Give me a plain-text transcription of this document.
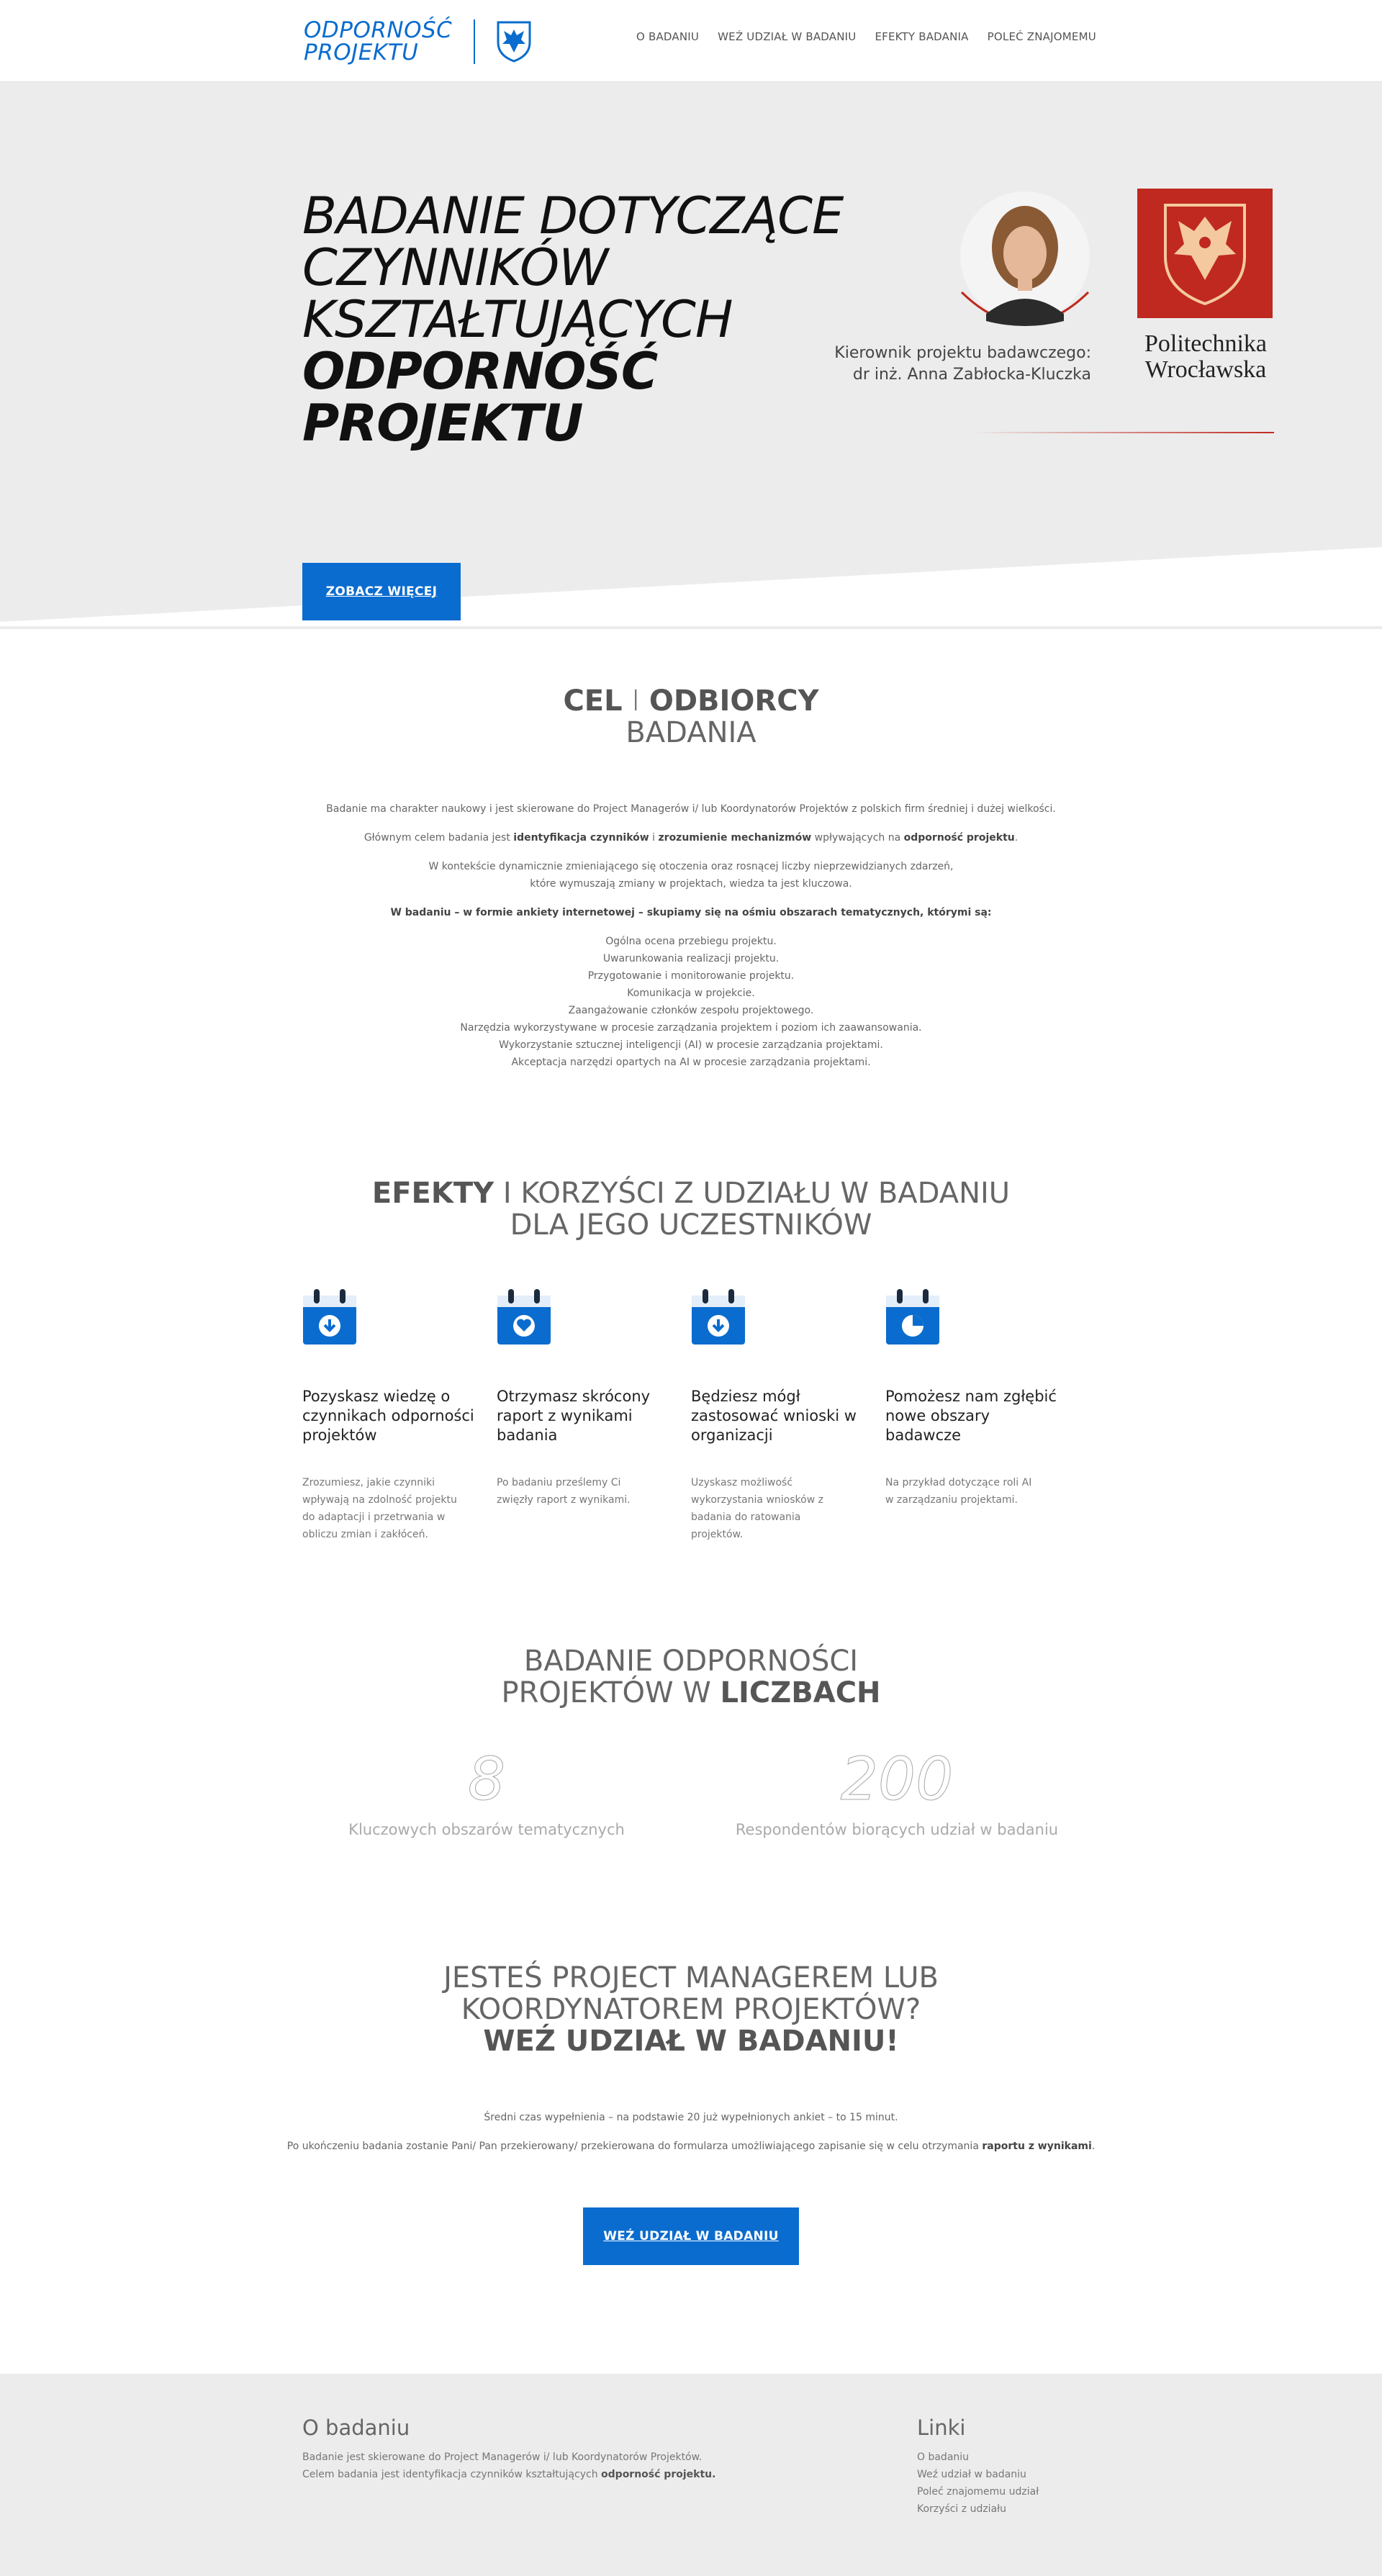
ODPORNOŚĆ
PROJEKTU
O BADANIU WEŹ UDZIAŁ W BADANIU EFEKTY BADANIA POLEĆ ZNAJOMEMU
BADANIE DOTYCZĄCE
CZYNNIKÓW
KSZTAŁTUJĄCYCH
ODPORNOŚĆ
PROJEKTU
Kierownik projektu badawczego:
dr inż. Anna Zabłocka-Kluczka
Politechnika
Wrocławska
ZOBACZ WIĘCEJ
CEL I ODBIORCY
BADANIA

Badanie ma charakter naukowy i jest skierowane do Project Managerów i/ lub Koordynatorów Projektów z polskich firm średniej i dużej wielkości.

Głównym celem badania jest identyfikacja czynników i zrozumienie mechanizmów wpływających na odporność projektu.

W kontekście dynamicznie zmieniającego się otoczenia oraz rosnącej liczby nieprzewidzianych zdarzeń,
które wymuszają zmiany w projektach, wiedza ta jest kluczowa.

W badaniu – w formie ankiety internetowej – skupiamy się na ośmiu obszarach tematycznych, którymi są:

Ogólna ocena przebiegu projektu.
Uwarunkowania realizacji projektu.
Przygotowanie i monitorowanie projektu.
Komunikacja w projekcie.
Zaangażowanie członków zespołu projektowego.
Narzędzia wykorzystywane w procesie zarządzania projektem i poziom ich zaawansowania.
Wykorzystanie sztucznej inteligencji (AI) w procesie zarządzania projektami.
Akceptacja narzędzi opartych na AI w procesie zarządzania projektami.
EFEKTY I KORZYŚCI Z UDZIAŁU W BADANIU
DLA JEGO UCZESTNIKÓW
Pozyskasz wiedzę o czynnikach odporności projektów

Zrozumiesz, jakie czynniki wpływają na zdolność projektu do adaptacji i przetrwania w obliczu zmian i zakłóceń.

Otrzymasz skrócony raport z wynikami badania

Po badaniu prześlemy Ci zwięzły raport z wynikami.

Będziesz mógł zastosować wnioski w organizacji

Uzyskasz możliwość wykorzystania wniosków z badania do ratowania projektów.

Pomożesz nam zgłębić nowe obszary badawcze

Na przykład dotyczące roli AI w zarządzaniu projektami.

BADANIE ODPORNOŚCI
PROJEKTÓW W LICZBACH
8
Kluczowych obszarów tematycznych
200
Respondentów biorących udział w badaniu
JESTEŚ PROJECT MANAGEREM LUB
KOORDYNATOREM PROJEKTÓW?
WEŹ UDZIAŁ W BADANIU!

Średni czas wypełnienia – na podstawie 20 już wypełnionych ankiet – to 15 minut.

Po ukończeniu badania zostanie Pani/ Pan przekierowany/ przekierowana do formularza umożliwiającego zapisanie się w celu otrzymania raportu z wynikami.

WEŹ UDZIAŁ W BADANIU
O badaniu

Badanie jest skierowane do Project Managerów i/ lub Koordynatorów Projektów.

Celem badania jest identyfikacja czynników kształtujących odporność projektu.

Linki
O badaniu
Weź udział w badaniu
Poleć znajomemu udział
Korzyści z udziału
